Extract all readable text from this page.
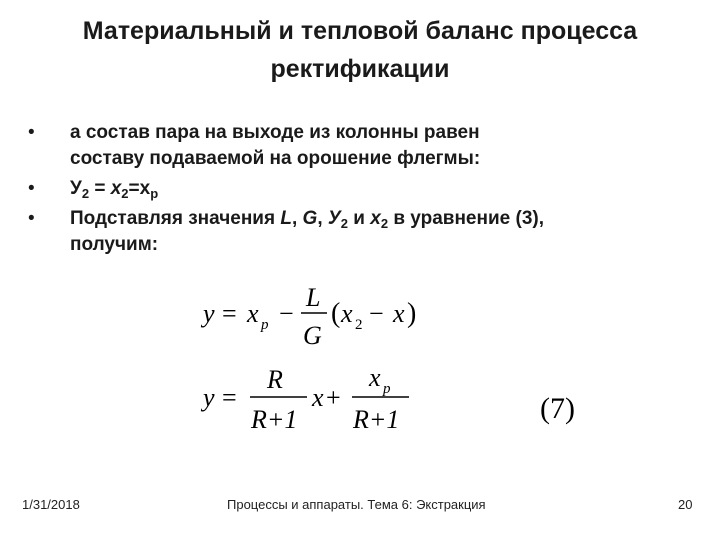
Материальный и тепловой баланс процесса
ректификации
• а состав пара на выходе из колонны равен
составу подаваемой на орошение флегмы:
• $У_2 = x_2=x_p$
• Подставляя значения L, G, $У_2$ и $x_2$ в уравнение (3),
получим:
y = x p −
L
G
( x 2 − x )
y =
R
R+1
x +
x p
R+1	(7)
1/31/2018	Процессы и аппараты. Тема 6: Экстракция	20
